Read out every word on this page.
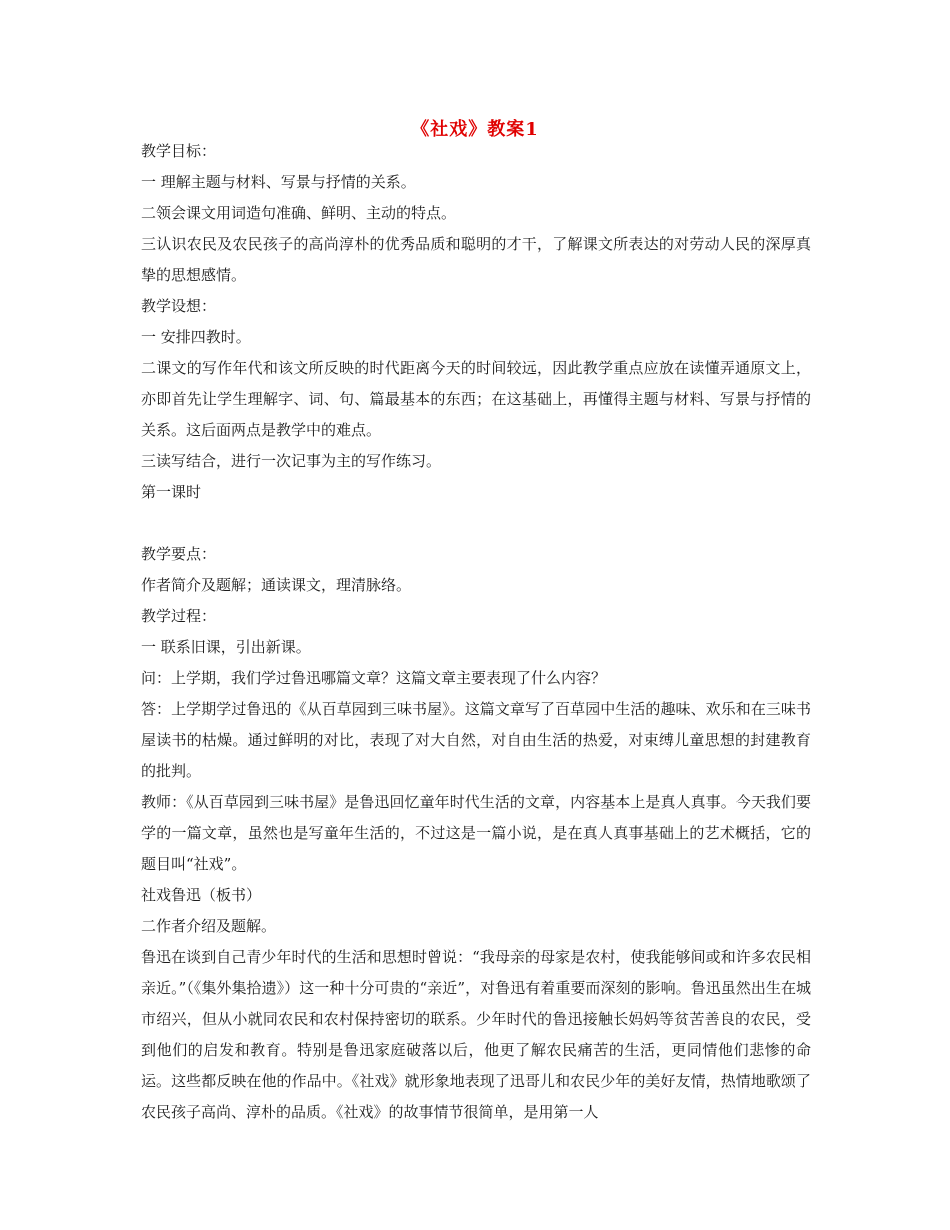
《社戏》教案1
教学目标：
一 理解主题与材料、写景与抒情的关系。
二领会课文用词造句准确、鲜明、主动的特点。
三认识农民及农民孩子的高尚淳朴的优秀品质和聪明的才干，了解课文所表达的对劳动人民的深厚真挚的思想感情。
教学设想：
一 安排四教时。
二课文的写作年代和该文所反映的时代距离今天的时间较远，因此教学重点应放在读懂弄通原文上，亦即首先让学生理解字、词、句、篇最基本的东西；在这基础上，再懂得主题与材料、写景与抒情的关系。这后面两点是教学中的难点。
三读写结合，进行一次记事为主的写作练习。
第一课时
教学要点：
作者简介及题解；通读课文，理清脉络。
教学过程：
一 联系旧课，引出新课。
问：上学期，我们学过鲁迅哪篇文章？这篇文章主要表现了什么内容？
答：上学期学过鲁迅的《从百草园到三味书屋》。这篇文章写了百草园中生活的趣味、欢乐和在三味书屋读书的枯燥。通过鲜明的对比，表现了对大自然，对自由生活的热爱，对束缚儿童思想的封建教育的批判。
教师：《从百草园到三味书屋》是鲁迅回忆童年时代生活的文章，内容基本上是真人真事。今天我们要学的一篇文章，虽然也是写童年生活的，不过这是一篇小说，是在真人真事基础上的艺术概括，它的题目叫“社戏”。
社戏鲁迅（板书）
二作者介绍及题解。
鲁迅在谈到自己青少年时代的生活和思想时曾说：“我母亲的母家是农村，使我能够间或和许多农民相亲近。”（《集外集拾遗》）这一种十分可贵的“亲近”，对鲁迅有着重要而深刻的影响。鲁迅虽然出生在城市绍兴，但从小就同农民和农村保持密切的联系。少年时代的鲁迅接触长妈妈等贫苦善良的农民，受到他们的启发和教育。特别是鲁迅家庭破落以后，他更了解农民痛苦的生活，更同情他们悲惨的命运。这些都反映在他的作品中。《社戏》就形象地表现了迅哥儿和农民少年的美好友情，热情地歌颂了农民孩子高尚、淳朴的品质。《社戏》的故事情节很简单，是用第一人
